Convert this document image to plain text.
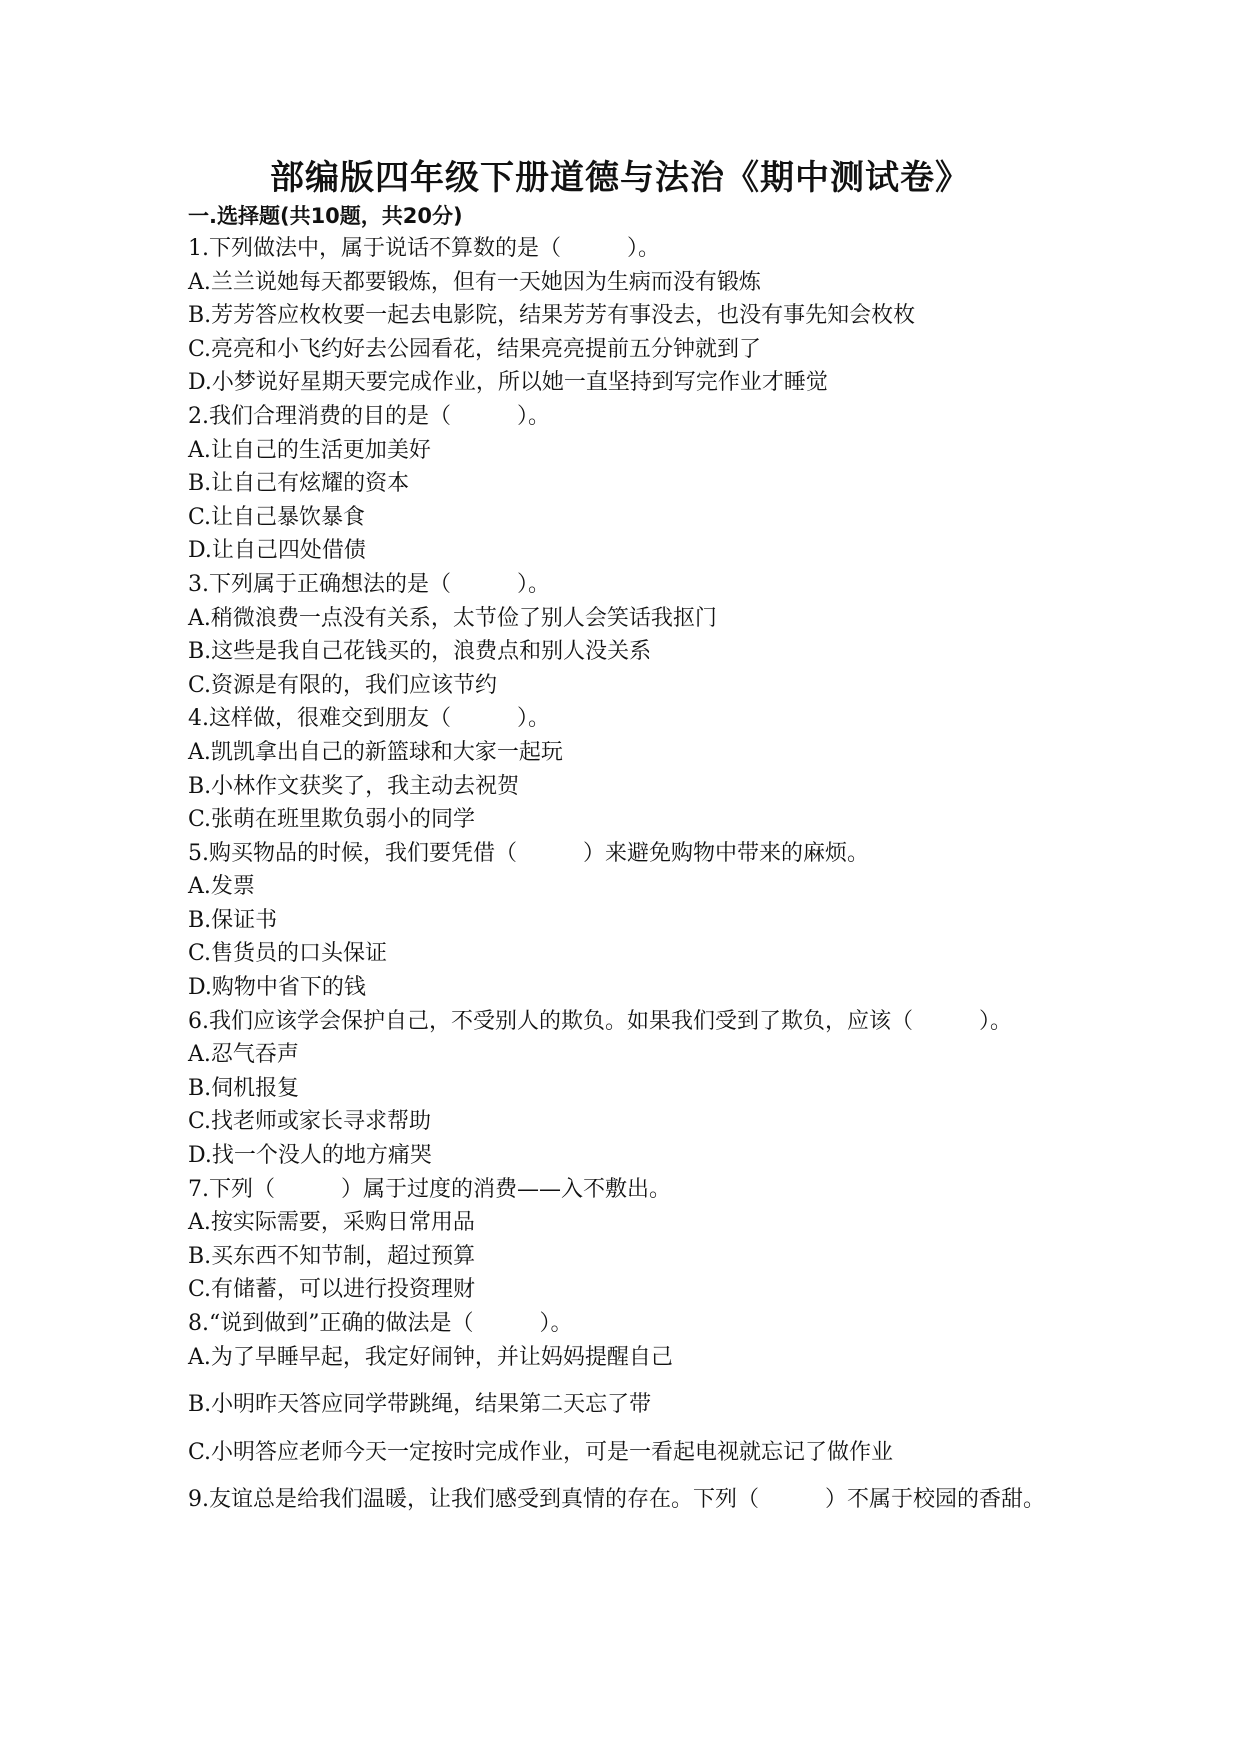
部编版四年级下册道德与法治《期中测试卷》
一.选择题(共10题，共20分)
1.下列做法中，属于说话不算数的是（　　　）。
A.兰兰说她每天都要锻炼，但有一天她因为生病而没有锻炼
B.芳芳答应枚枚要一起去电影院，结果芳芳有事没去，也没有事先知会枚枚
C.亮亮和小飞约好去公园看花，结果亮亮提前五分钟就到了
D.小梦说好星期天要完成作业，所以她一直坚持到写完作业才睡觉
2.我们合理消费的目的是（　　　）。
A.让自己的生活更加美好
B.让自己有炫耀的资本
C.让自己暴饮暴食
D.让自己四处借债
3.下列属于正确想法的是（　　　）。
A.稍微浪费一点没有关系，太节俭了别人会笑话我抠门
B.这些是我自己花钱买的，浪费点和别人没关系
C.资源是有限的，我们应该节约
4.这样做，很难交到朋友（　　　）。
A.凯凯拿出自己的新篮球和大家一起玩
B.小林作文获奖了，我主动去祝贺
C.张萌在班里欺负弱小的同学
5.购买物品的时候，我们要凭借（　　　）来避免购物中带来的麻烦。
A.发票
B.保证书
C.售货员的口头保证
D.购物中省下的钱
6.我们应该学会保护自己，不受别人的欺负。如果我们受到了欺负，应该（　　　）。
A.忍气吞声
B.伺机报复
C.找老师或家长寻求帮助
D.找一个没人的地方痛哭
7.下列（　　　）属于过度的消费——入不敷出。
A.按实际需要，采购日常用品
B.买东西不知节制，超过预算
C.有储蓄，可以进行投资理财
8.“说到做到”正确的做法是（　　　）。
A.为了早睡早起，我定好闹钟，并让妈妈提醒自己
B.小明昨天答应同学带跳绳，结果第二天忘了带
C.小明答应老师今天一定按时完成作业，可是一看起电视就忘记了做作业
9.友谊总是给我们温暖，让我们感受到真情的存在。下列（　　　）不属于校园的香甜。
